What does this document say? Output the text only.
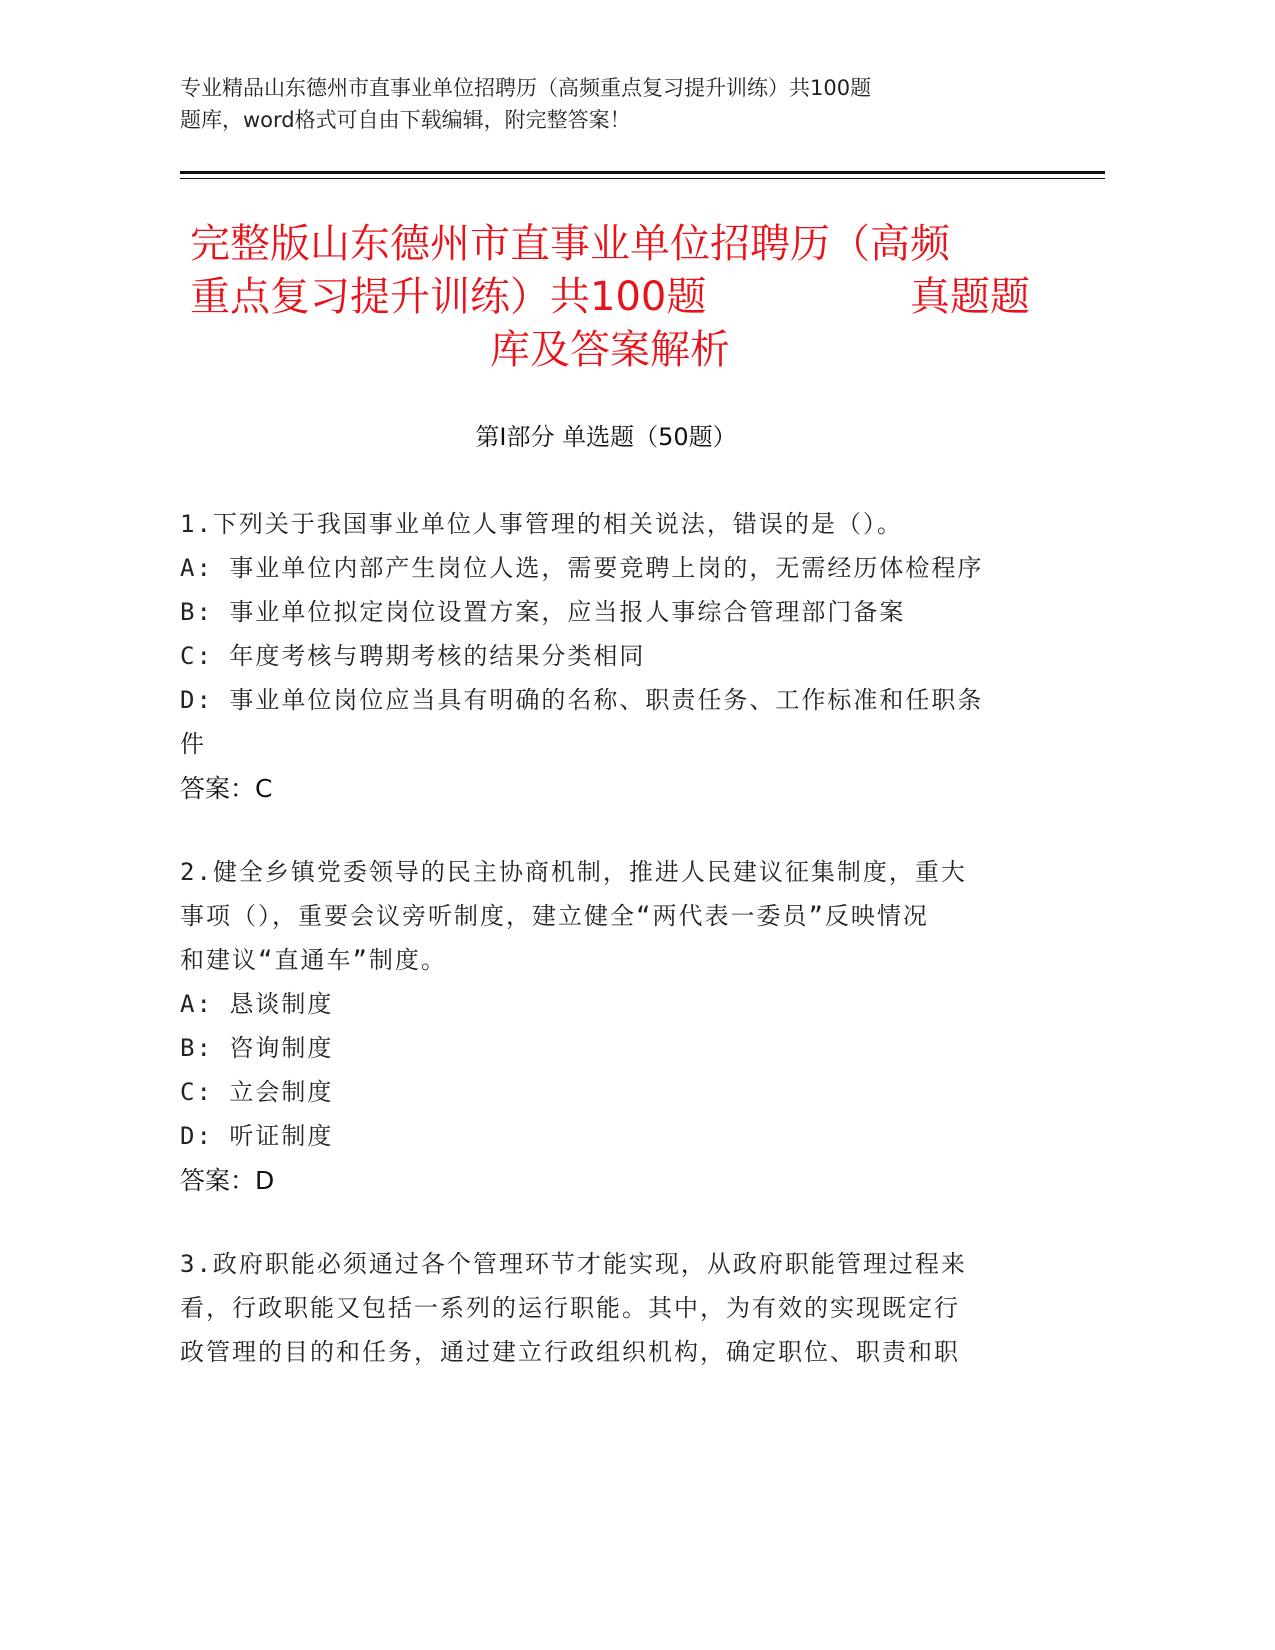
专业精品山东德州市直事业单位招聘历（高频重点复习提升训练）共100题
题库，word格式可自由下载编辑，附完整答案！
完整版山东德州市直事业单位招聘历（高频
重点复习提升训练）共100题	真题题
库及答案解析
第Ⅰ部分 单选题（50题）
1.下列关于我国事业单位人事管理的相关说法，错误的是（）。
A: 事业单位内部产生岗位人选，需要竞聘上岗的，无需经历体检程序
B: 事业单位拟定岗位设置方案，应当报人事综合管理部门备案
C: 年度考核与聘期考核的结果分类相同
D: 事业单位岗位应当具有明确的名称、职责任务、工作标准和任职条
件
答案：C
2.健全乡镇党委领导的民主协商机制，推进人民建议征集制度，重大
事项（），重要会议旁听制度，建立健全“两代表一委员”反映情况
和建议“直通车”制度。
A: 恳谈制度
B: 咨询制度
C: 立会制度
D: 听证制度
答案：D
3.政府职能必须通过各个管理环节才能实现，从政府职能管理过程来
看，行政职能又包括一系列的运行职能。其中，为有效的实现既定行
政管理的目的和任务，通过建立行政组织机构，确定职位、职责和职
